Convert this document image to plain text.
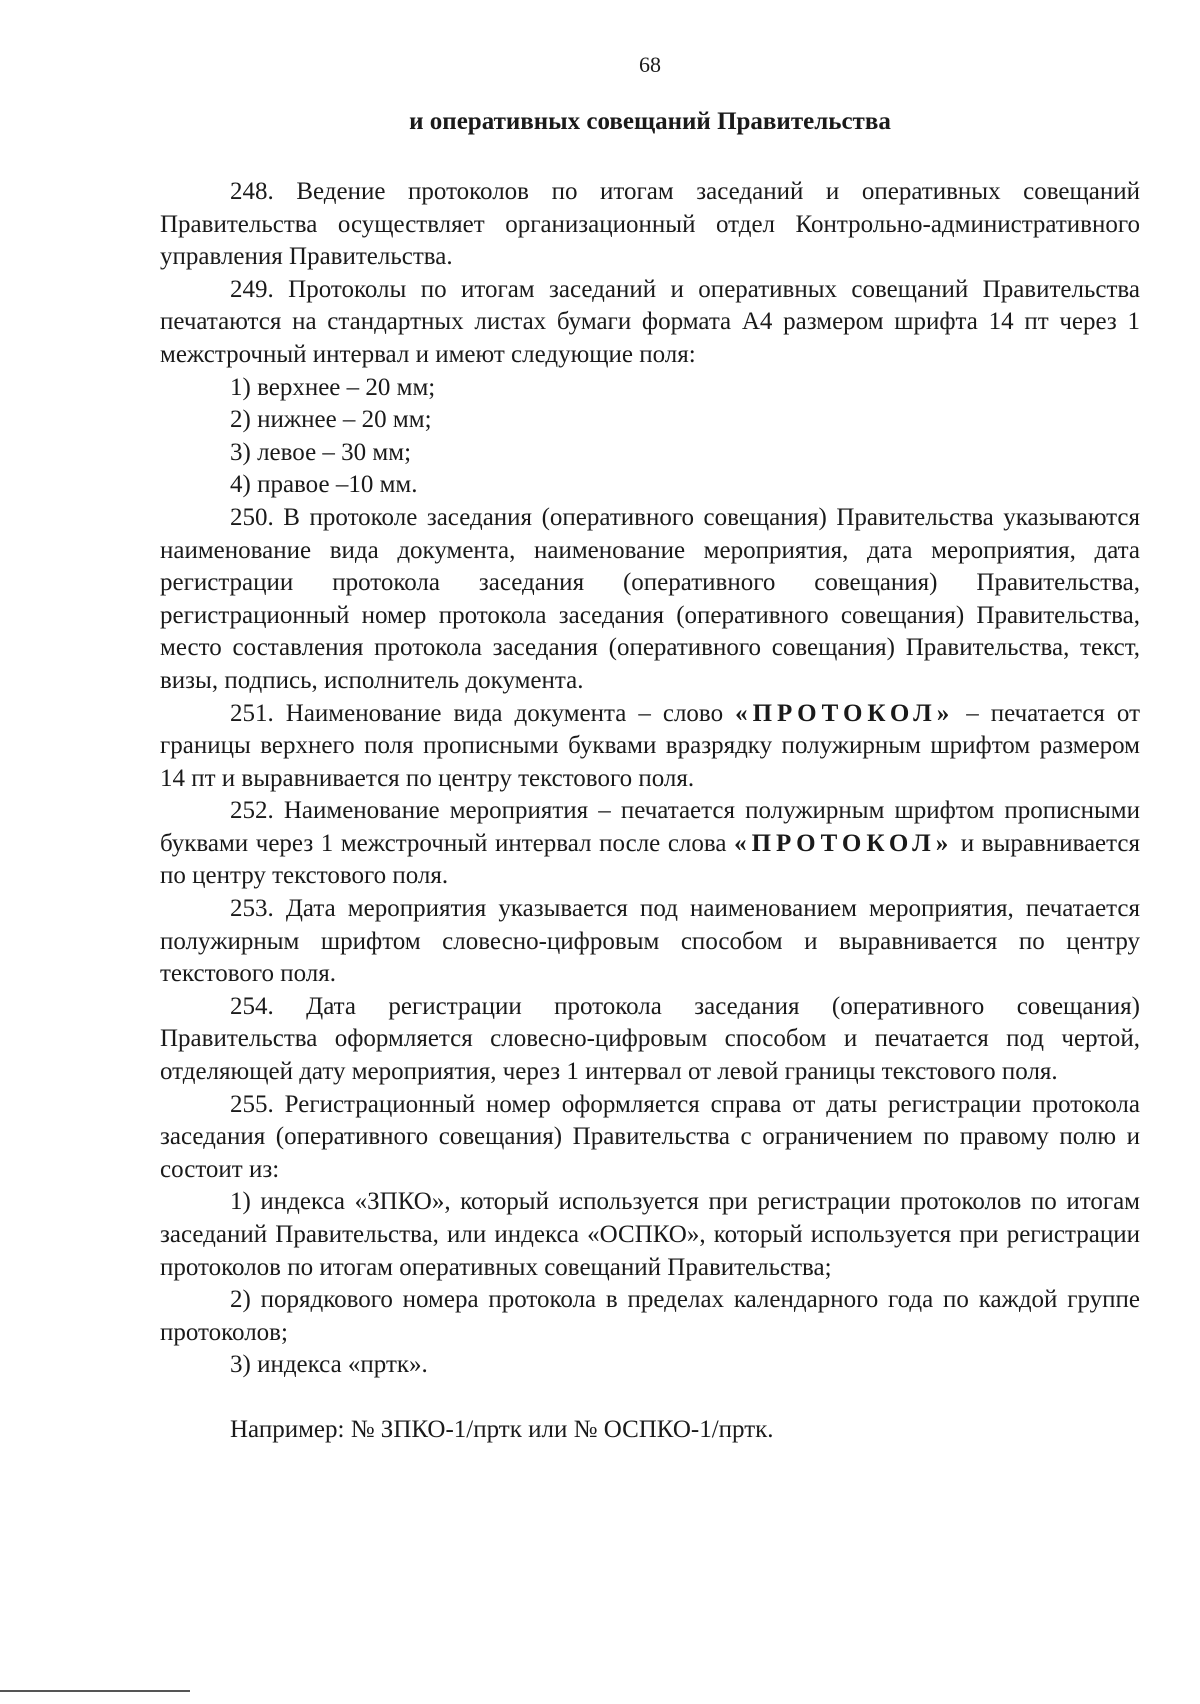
68
и оперативных совещаний Правительства

248. Ведение протоколов по итогам заседаний и оперативных совещаний Правительства осуществляет организационный отдел Контрольно-административного управления Правительства.

249. Протоколы по итогам заседаний и оперативных совещаний Правительства печатаются на стандартных листах бумаги формата А4 размером шрифта 14 пт через 1 межстрочный интервал и имеют следующие поля:

1) верхнее – 20 мм;

2) нижнее – 20 мм;

3) левое – 30 мм;

4) правое –10 мм.

250. В протоколе заседания (оперативного совещания) Правительства указываются наименование вида документа, наименование мероприятия, дата мероприятия, дата регистрации протокола заседания (оперативного совещания) Правительства, регистрационный номер протокола заседания (оперативного совещания) Правительства, место составления протокола заседания (оперативного совещания) Правительства, текст, визы, подпись, исполнитель документа.

251. Наименование вида документа – слово «ПРОТОКОЛ» – печатается от границы верхнего поля прописными буквами вразрядку полужирным шрифтом размером 14 пт и выравнивается по центру текстового поля.

252. Наименование мероприятия – печатается полужирным шрифтом прописными буквами через 1 межстрочный интервал после слова «ПРОТОКОЛ» и выравнивается по центру текстового поля.

253. Дата мероприятия указывается под наименованием мероприятия, печатается полужирным шрифтом словесно-цифровым способом и выравнивается по центру текстового поля.

254. Дата регистрации протокола заседания (оперативного совещания) Правительства оформляется словесно-цифровым способом и печатается под чертой, отделяющей дату мероприятия, через 1 интервал от левой границы текстового поля.

255. Регистрационный номер оформляется справа от даты регистрации протокола заседания (оперативного совещания) Правительства с ограничением по правому полю и состоит из:

1) индекса «ЗПКО», который используется при регистрации протоколов по итогам заседаний Правительства, или индекса «ОСПКО», который используется при регистрации протоколов по итогам оперативных совещаний Правительства;

2) порядкового номера протокола в пределах календарного года по каждой группе протоколов;

3) индекса «пртк».

Например: № ЗПКО-1/пртк или № ОСПКО-1/пртк.
